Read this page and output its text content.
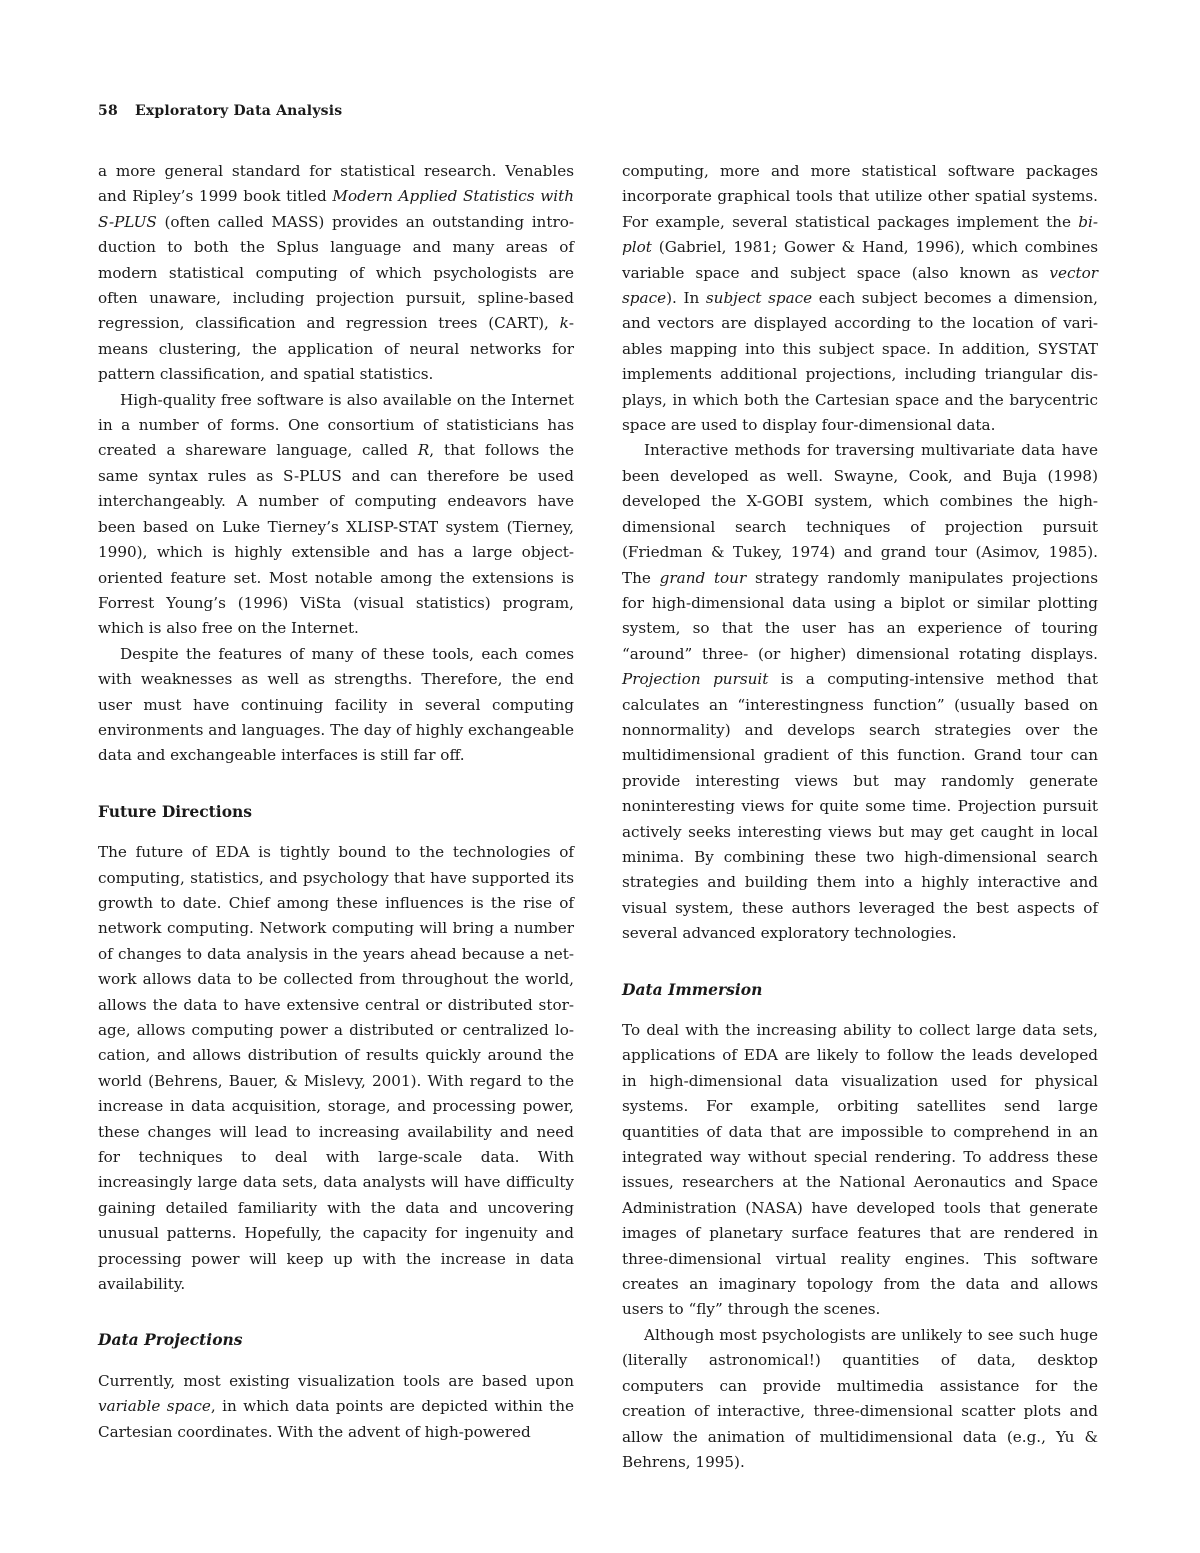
58 Exploratory Data Analysis

a more general standard for statistical research. Venables and Ripley’s 1999 book titled Modern Applied Statistics with S-PLUS (often called MASS) provides an outstanding introduction to both the Splus language and many areas of modern statistical computing of which psychologists are often unaware, including projection pursuit, spline-based regression, classification and regression trees (CART), k-means clustering, the application of neural networks for pattern classification, and spatial statistics.

High-quality free software is also available on the Internet in a number of forms. One consortium of statisticians has created a shareware language, called R, that follows the same syntax rules as S-PLUS and can therefore be used interchangeably. A number of computing endeavors have been based on Luke Tierney’s XLISP-STAT system (Tierney, 1990), which is highly extensible and has a large object-oriented feature set. Most notable among the extensions is Forrest Young’s (1996) ViSta (visual statistics) program, which is also free on the Internet.

Despite the features of many of these tools, each comes with weaknesses as well as strengths. Therefore, the end user must have continuing facility in several computing environments and languages. The day of highly exchangeable data and exchangeable interfaces is still far off.

Future Directions

The future of EDA is tightly bound to the technologies of computing, statistics, and psychology that have supported its growth to date. Chief among these influences is the rise of network computing. Network computing will bring a number of changes to data analysis in the years ahead because a network allows data to be collected from throughout the world, allows the data to have extensive central or distributed storage, allows computing power a distributed or centralized location, and allows distribution of results quickly around the world (Behrens, Bauer, & Mislevy, 2001). With regard to the increase in data acquisition, storage, and processing power, these changes will lead to increasing availability and need for techniques to deal with large-scale data. With increasingly large data sets, data analysts will have difficulty gaining detailed familiarity with the data and uncovering unusual patterns. Hopefully, the capacity for ingenuity and processing power will keep up with the increase in data availability.

Data Projections

Currently, most existing visualization tools are based upon variable space, in which data points are depicted within the Cartesian coordinates. With the advent of high-powered

computing, more and more statistical software packages incorporate graphical tools that utilize other spatial systems. For example, several statistical packages implement the biplot (Gabriel, 1981; Gower & Hand, 1996), which combines variable space and subject space (also known as vector space). In subject space each subject becomes a dimension, and vectors are displayed according to the location of variables mapping into this subject space. In addition, SYSTAT implements additional projections, including triangular displays, in which both the Cartesian space and the barycentric space are used to display four-dimensional data.

Interactive methods for traversing multivariate data have been developed as well. Swayne, Cook, and Buja (1998) developed the X-GOBI system, which combines the high-dimensional search techniques of projection pursuit (Friedman & Tukey, 1974) and grand tour (Asimov, 1985). The grand tour strategy randomly manipulates projections for high-dimensional data using a biplot or similar plotting system, so that the user has an experience of touring “around” three- (or higher) dimensional rotating displays. Projection pursuit is a computing-intensive method that calculates an “interestingness function” (usually based on nonnormality) and develops search strategies over the multidimensional gradient of this function. Grand tour can provide interesting views but may randomly generate noninteresting views for quite some time. Projection pursuit actively seeks interesting views but may get caught in local minima. By combining these two high-dimensional search strategies and building them into a highly interactive and visual system, these authors leveraged the best aspects of several advanced exploratory technologies.

Data Immersion

To deal with the increasing ability to collect large data sets, applications of EDA are likely to follow the leads developed in high-dimensional data visualization used for physical systems. For example, orbiting satellites send large quantities of data that are impossible to comprehend in an integrated way without special rendering. To address these issues, researchers at the National Aeronautics and Space Administration (NASA) have developed tools that generate images of planetary surface features that are rendered in three-dimensional virtual reality engines. This software creates an imaginary topology from the data and allows users to “fly” through the scenes.

Although most psychologists are unlikely to see such huge (literally astronomical!) quantities of data, desktop computers can provide multimedia assistance for the creation of interactive, three-dimensional scatter plots and allow the animation of multidimensional data (e.g., Yu & Behrens, 1995).
